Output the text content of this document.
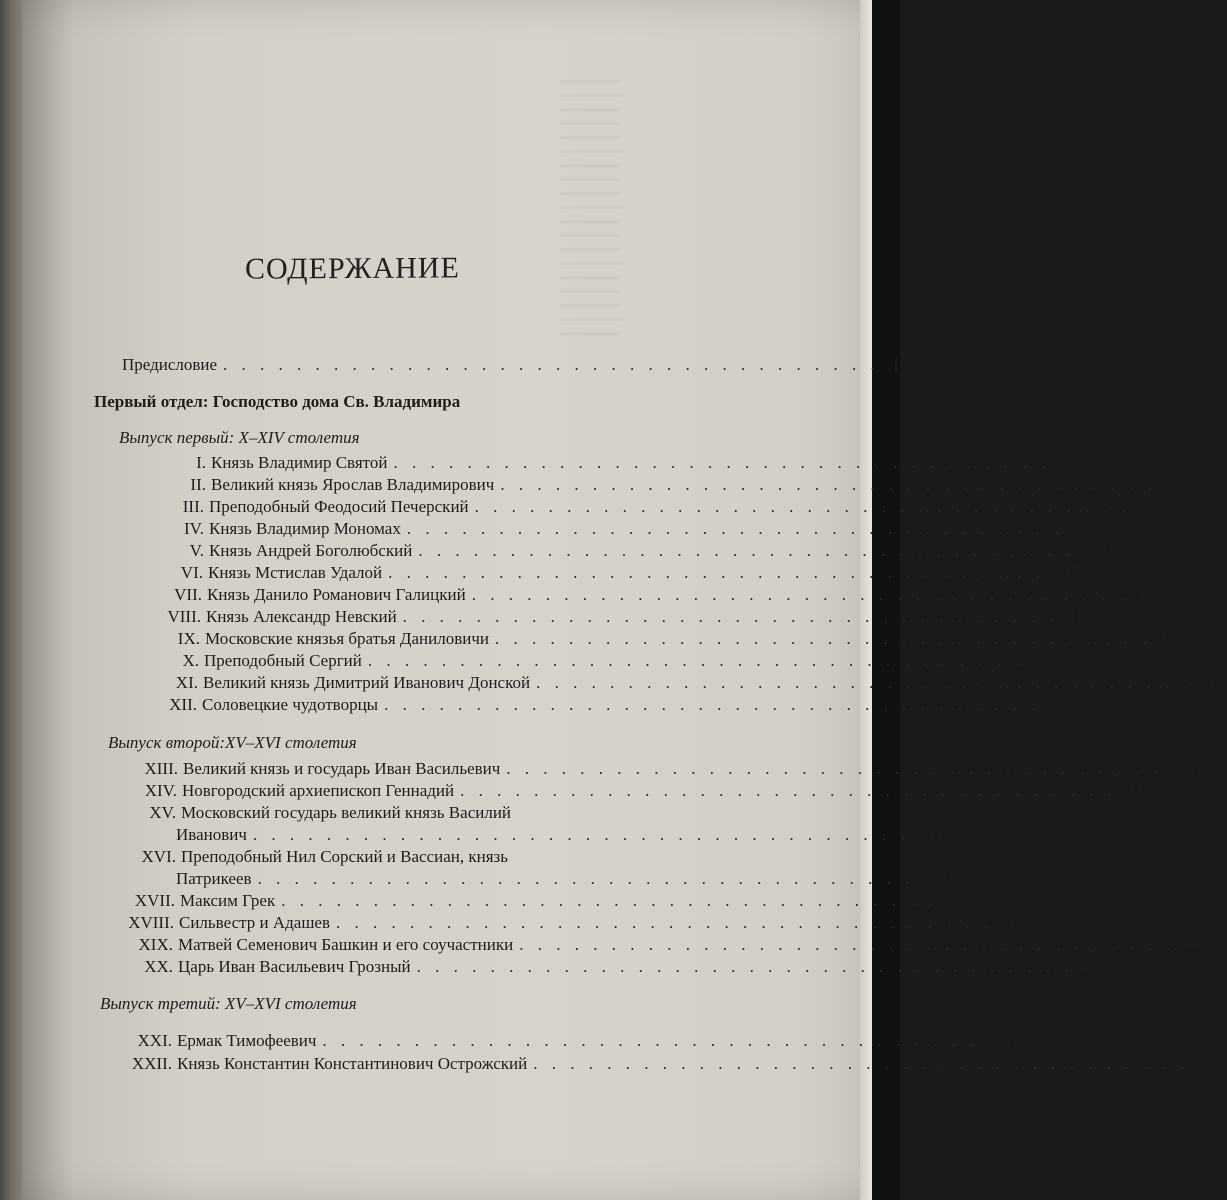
СОДЕРЖАНИЕ
Предисловие . . . . . . . . . . . . . . . . . . . . . . . . . . . . . . . . . . . . [5]
Первый отдел: Господство дома Св. Владимира
Выпуск первый: X–XIV столетия
I. Князь Владимир Святой . . . . . . . . . . . . . . . . . . . . . . . . . . . . . . . . . . . .	1
II. Великий князь Ярослав Владимирович . . . . . . . . . . . . . . . . . . . . . . . . . . . . . . . . . . . .	9
III. Преподобный Феодосий Печерский . . . . . . . . . . . . . . . . . . . . . . . . . . . . . . . . . . . .	23
IV. Князь Владимир Мономах . . . . . . . . . . . . . . . . . . . . . . . . . . . . . . . . . . . .	39
V. Князь Андрей Боголюбский . . . . . . . . . . . . . . . . . . . . . . . . . . . . . . . . . . . .	71
VI. Князь Мстислав Удалой . . . . . . . . . . . . . . . . . . . . . . . . . . . . . . . . . . . .	97
VII. Князь Данило Романович Галицкий . . . . . . . . . . . . . . . . . . . . . . . . . . . . . . . . . . . . 123
VIII. Князь Александр Невский . . . . . . . . . . . . . . . . . . . . . . . . . . . . . . . . . . . . 153
IX. Московские князья братья Даниловичи . . . . . . . . . . . . . . . . . . . . . . . . . . . . . . . . . . . . 171
X. Преподобный Сергий . . . . . . . . . . . . . . . . . . . . . . . . . . . . . . . . . . . . 195
XI. Великий князь Димитрий Иванович Донской . . . . . . . . . . . . . . . . . . . . . . . . . . . . . . . . . . . . 205
XII. Соловецкие чудотворцы . . . . . . . . . . . . . . . . . . . . . . . . . . . . . . . . . . . . 235
Выпуск второй:XV–XVI столетия
XIII. Великий князь и государь Иван Васильевич . . . . . . . . . . . . . . . . . . . . . . . . . . . . . . . . . . . . 241
XIV. Новгородский архиепископ Геннадий . . . . . . . . . . . . . . . . . . . . . . . . . . . . . . . . . . . . 311
XV. Московский государь великий князь Василий
Иванович . . . . . . . . . . . . . . . . . . . . . . . . . . . . . . . . . . . . 341
XVI. Преподобный Нил Сорский и Вассиан, князь
Патрикеев . . . . . . . . . . . . . . . . . . . . . . . . . . . . . . . . . . . . 371
XVII. Максим Грек . . . . . . . . . . . . . . . . . . . . . . . . . . . . . . . . . . . . 385
XVIII. Сильвестр и Адашев . . . . . . . . . . . . . . . . . . . . . . . . . . . . . . . . . . . . 405
XIX. Матвей Семенович Башкин и его соучастники . . . . . . . . . . . . . . . . . . . . . . . . . . . . . . . . . . . . 447
XX. Царь Иван Васильевич Грозный . . . . . . . . . . . . . . . . . . . . . . . . . . . . . . . . . . . . 457
Выпуск третий: XV–XVI столетия
XXI. Ермак Тимофеевич . . . . . . . . . . . . . . . . . . . . . . . . . . . . . . . . . . . . 521
XXII. Князь Константин Константинович Острожский . . . . . . . . . . . . . . . . . . . . . . . . . . . . . . . . . . . . 535
